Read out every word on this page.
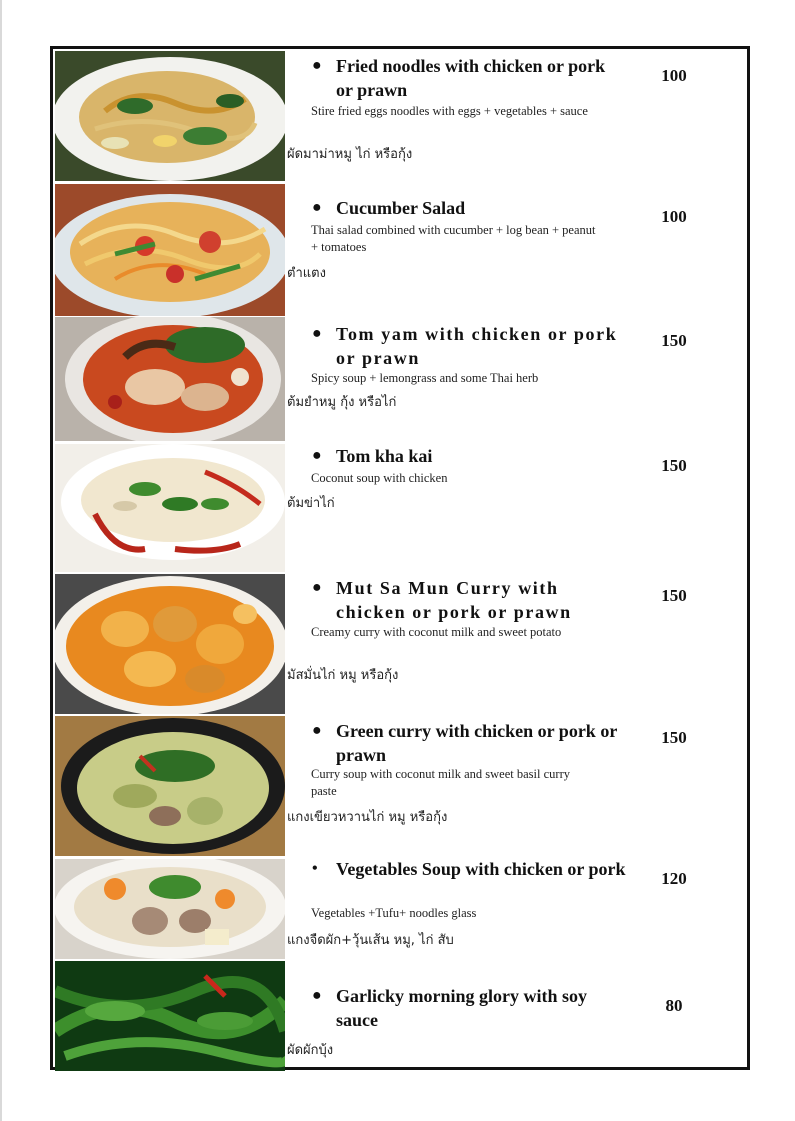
● Fried noodles with chicken or pork or prawn
Stire fried eggs noodles with eggs + vegetables + sauce
ผัดมาม่าหมู ไก่ หรือกุ้ง
100
● Cucumber Salad
Thai salad combined with cucumber + log bean + peanut + tomatoes
ตำแตง
100
● Tom yam with chicken or pork or prawn
Spicy soup + lemongrass and some Thai herb
ต้มยำหมู กุ้ง หรือไก่
150
● Tom kha kai
Coconut soup with chicken
ต้มข่าไก่
150
● Mut Sa Mun Curry with chicken or pork or prawn
Creamy curry with coconut milk and sweet potato
มัสมั่นไก่ หมู หรือกุ้ง
150
● Green curry with chicken or pork or prawn
Curry soup with coconut milk and sweet basil curry paste
แกงเขียวหวานไก่ หมู หรือกุ้ง
150
• Vegetables Soup with chicken or pork
Vegetables +Tufu+ noodles glass
แกงจืดผัก+วุ้นเส้น หมู, ไก่ สับ
120
● Garlicky morning glory with soy sauce
ผัดผักบุ้ง
80
